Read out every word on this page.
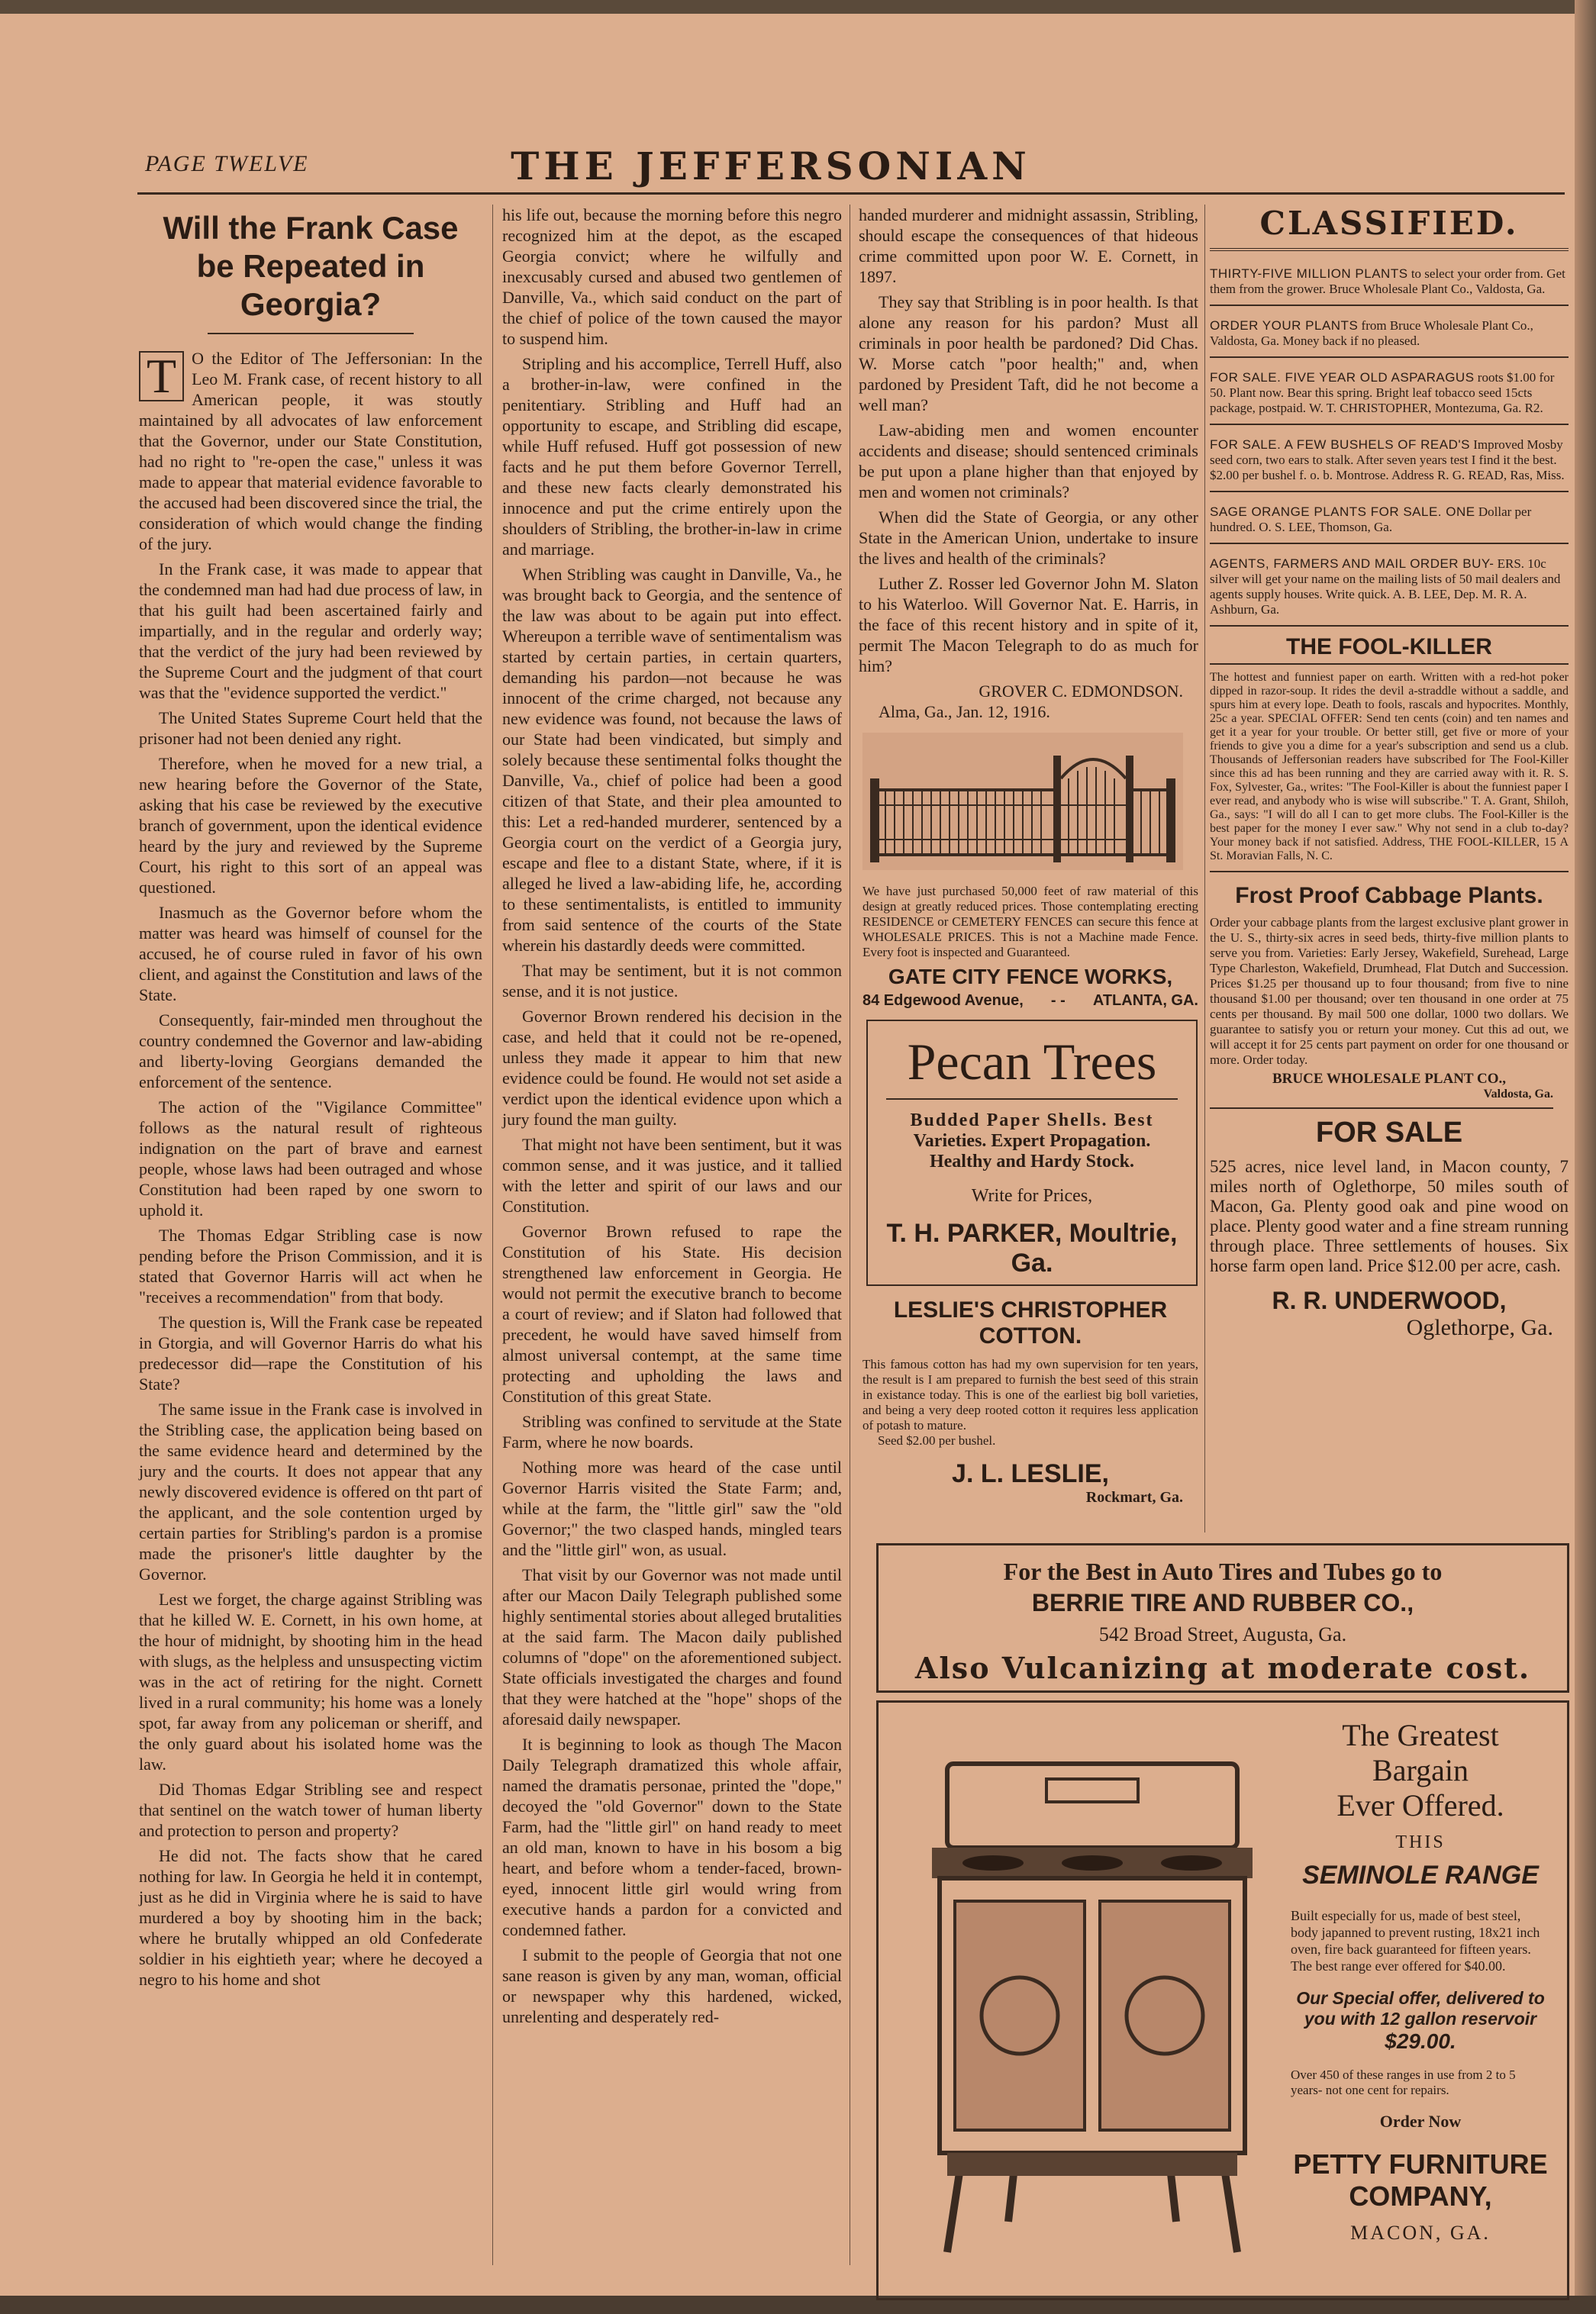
PAGE TWELVE	THE JEFFERSONIAN
Will the Frank Case
be Repeated in
Georgia?

T O the Editor of The Jeffersonian: In the Leo M. Frank case, of recent history to all American people, it was stoutly maintained by all advocates of law enforcement that the Governor, under our State Constitution, had no right to "re-open the case," unless it was made to appear that material evidence favorable to the accused had been discovered since the trial, the consideration of which would change the finding of the jury.

In the Frank case, it was made to appear that the condemned man had had due process of law, in that his guilt had been ascertained fairly and impartially, and in the regular and orderly way; that the verdict of the jury had been reviewed by the Supreme Court and the judgment of that court was that the "evidence supported the verdict."

The United States Supreme Court held that the prisoner had not been denied any right.

Therefore, when he moved for a new trial, a new hearing before the Governor of the State, asking that his case be reviewed by the executive branch of government, upon the identical evidence heard by the jury and reviewed by the Supreme Court, his right to this sort of an appeal was questioned.

Inasmuch as the Governor before whom the matter was heard was himself of counsel for the accused, he of course ruled in favor of his own client, and against the Constitution and laws of the State.

Consequently, fair-minded men throughout the country condemned the Governor and law-abiding and liberty-loving Georgians demanded the enforcement of the sentence.

The action of the "Vigilance Committee" follows as the natural result of righteous indignation on the part of brave and earnest people, whose laws had been outraged and whose Constitution had been raped by one sworn to uphold it.

The Thomas Edgar Stribling case is now pending before the Prison Commission, and it is stated that Governor Harris will act when he "receives a recommendation" from that body.

The question is, Will the Frank case be repeated in Gtorgia, and will Governor Harris do what his predecessor did—rape the Constitution of his State?

The same issue in the Frank case is involved in the Stribling case, the application being based on the same evidence heard and determined by the jury and the courts. It does not appear that any newly discovered evidence is offered on tht part of the applicant, and the sole contention urged by certain parties for Stribling's pardon is a promise made the prisoner's little daughter by the Governor.

Lest we forget, the charge against Stribling was that he killed W. E. Cornett, in his own home, at the hour of midnight, by shooting him in the head with slugs, as the helpless and unsuspecting victim was in the act of retiring for the night. Cornett lived in a rural community; his home was a lonely spot, far away from any policeman or sheriff, and the only guard about his isolated home was the law.

Did Thomas Edgar Stribling see and respect that sentinel on the watch tower of human liberty and protection to person and property?

He did not. The facts show that he cared nothing for law. In Georgia he held it in contempt, just as he did in Virginia where he is said to have murdered a boy by shooting him in the back; where he brutally whipped an old Confederate soldier in his eightieth year; where he decoyed a negro to his home and shot

his life out, because the morning before this negro recognized him at the depot, as the escaped Georgia convict; where he wilfully and inexcusably cursed and abused two gentlemen of Danville, Va., which said conduct on the part of the chief of police of the town caused the mayor to suspend him.

Stripling and his accomplice, Terrell Huff, also a brother-in-law, were confined in the penitentiary. Stribling and Huff had an opportunity to escape, and Stribling did escape, while Huff refused. Huff got possession of new facts and he put them before Governor Terrell, and these new facts clearly demonstrated his innocence and put the crime entirely upon the shoulders of Stribling, the brother-in-law in crime and marriage.

When Stribling was caught in Danville, Va., he was brought back to Georgia, and the sentence of the law was about to be again put into effect. Whereupon a terrible wave of sentimentalism was started by certain parties, in certain quarters, demanding his pardon—not because he was innocent of the crime charged, not because any new evidence was found, not because the laws of our State had been vindicated, but simply and solely because these sentimental folks thought the Danville, Va., chief of police had been a good citizen of that State, and their plea amounted to this: Let a red-handed murderer, sentenced by a Georgia court on the verdict of a Georgia jury, escape and flee to a distant State, where, if it is alleged he lived a law-abiding life, he, according to these sentimentalists, is entitled to immunity from said sentence of the courts of the State wherein his dastardly deeds were committed.

That may be sentiment, but it is not common sense, and it is not justice.

Governor Brown rendered his decision in the case, and held that it could not be re-opened, unless they made it appear to him that new evidence could be found. He would not set aside a verdict upon the identical evidence upon which a jury found the man guilty.

That might not have been sentiment, but it was common sense, and it was justice, and it tallied with the letter and spirit of our laws and our Constitution.

Governor Brown refused to rape the Constitution of his State. His decision strengthened law enforcement in Georgia. He would not permit the executive branch to become a court of review; and if Slaton had followed that precedent, he would have saved himself from almost universal contempt, at the same time protecting and upholding the laws and Constitution of this great State.

Stribling was confined to servitude at the State Farm, where he now boards.

Nothing more was heard of the case until Governor Harris visited the State Farm; and, while at the farm, the "little girl" saw the "old Governor;" the two clasped hands, mingled tears and the "little girl" won, as usual.

That visit by our Governor was not made until after our Macon Daily Telegraph published some highly sentimental stories about alleged brutalities at the said farm. The Macon daily published columns of "dope" on the aforementioned subject. State officials investigated the charges and found that they were hatched at the "hope" shops of the aforesaid daily newspaper.

It is beginning to look as though The Macon Daily Telegraph dramatized this whole affair, named the dramatis personae, printed the "dope," decoyed the "old Governor" down to the State Farm, had the "little girl" on hand ready to meet an old man, known to have in his bosom a big heart, and before whom a tender-faced, brown-eyed, innocent little girl would wring from executive hands a pardon for a convicted and condemned father.

I submit to the people of Georgia that not one sane reason is given by any man, woman, official or newspaper why this hardened, wicked, unrelenting and desperately red-

handed murderer and midnight assassin, Stribling, should escape the consequences of that hideous crime committed upon poor W. E. Cornett, in 1897.

They say that Stribling is in poor health. Is that alone any reason for his pardon? Must all criminals in poor health be pardoned? Did Chas. W. Morse catch "poor health;" and, when pardoned by President Taft, did he not become a well man?

Law-abiding men and women encounter accidents and disease; should sentenced criminals be put upon a plane higher than that enjoyed by men and women not criminals?

When did the State of Georgia, or any other State in the American Union, undertake to insure the lives and health of the criminals?

Luther Z. Rosser led Governor John M. Slaton to his Waterloo. Will Governor Nat. E. Harris, in the face of this recent history and in spite of it, permit The Macon Telegraph to do as much for him?

GROVER C. EDMONDSON.
Alma, Ga., Jan. 12, 1916.
We have just purchased 50,000 feet of raw material of this design at greatly reduced prices. Those contemplating erecting RESIDENCE or CEMETERY FENCES can secure this fence at WHOLESALE PRICES. This is not a Machine made Fence. Every foot is inspected and Guaranteed.
GATE CITY FENCE WORKS,
84 Edgewood Avenue, - - ATLANTA, GA.
Pecan Trees
Budded Paper Shells. Best
Varieties. Expert Propagation.
Healthy and Hardy Stock.
Write for Prices,
T. H. PARKER, Moultrie, Ga.
LESLIE'S CHRISTOPHER COTTON.
This famous cotton has had my own supervision for ten years, the result is I am prepared to furnish the best seed of this strain in existance today. This is one of the earliest big boll varieties, and being a very deep rooted cotton it requires less application of potash to mature.
Seed $2.00 per bushel.
J. L. LESLIE,
Rockmart, Ga.
CLASSIFIED.
THIRTY-FIVE MILLION PLANTS to select your order from. Get them from the grower. Bruce Wholesale Plant Co., Valdosta, Ga.
ORDER YOUR PLANTS from Bruce Wholesale Plant Co., Valdosta, Ga. Money back if no pleased.
FOR SALE. FIVE YEAR OLD ASPARAGUS roots $1.00 for 50. Plant now. Bear this spring. Bright leaf tobacco seed 15cts package, postpaid. W. T. CHRISTOPHER, Montezuma, Ga. R2.
FOR SALE. A FEW BUSHELS OF READ'S Improved Mosby seed corn, two ears to stalk. After seven years test I find it the best. $2.00 per bushel f. o. b. Montrose. Address R. G. READ, Ras, Miss.
SAGE ORANGE PLANTS FOR SALE. ONE Dollar per hundred. O. S. LEE, Thomson, Ga.
AGENTS, FARMERS AND MAIL ORDER BUY- ERS. 10c silver will get your name on the mailing lists of 50 mail dealers and agents supply houses. Write quick. A. B. LEE, Dep. M. R. A. Ashburn, Ga.
THE FOOL-KILLER
The hottest and funniest paper on earth. Written with a red-hot poker dipped in razor-soup. It rides the devil a-straddle without a saddle, and spurs him at every lope. Death to fools, rascals and hypocrites. Monthly, 25c a year. SPECIAL OFFER: Send ten cents (coin) and ten names and get it a year for your trouble. Or better still, get five or more of your friends to give you a dime for a year's subscription and send us a club. Thousands of Jeffersonian readers have subscribed for The Fool-Killer since this ad has been running and they are carried away with it. R. S. Fox, Sylvester, Ga., writes: "The Fool-Killer is about the funniest paper I ever read, and anybody who is wise will subscribe." T. A. Grant, Shiloh, Ga., says: "I will do all I can to get more clubs. The Fool-Killer is the best paper for the money I ever saw." Why not send in a club to-day? Your money back if not satisfied. Address, THE FOOL-KILLER, 15 A St. Moravian Falls, N. C.
Frost Proof Cabbage Plants.
Order your cabbage plants from the largest exclusive plant grower in the U. S., thirty-six acres in seed beds, thirty-five million plants to serve you from. Varieties: Early Jersey, Wakefield, Surehead, Large Type Charleston, Wakefield, Drumhead, Flat Dutch and Succession. Prices $1.25 per thousand up to four thousand; from five to nine thousand $1.00 per thousand; over ten thousand in one order at 75 cents per thousand. By mail 500 one dollar, 1000 two dollars. We guarantee to satisfy you or return your money. Cut this ad out, we will accept it for 25 cents part payment on order for one thousand or more. Order today.
BRUCE WHOLESALE PLANT CO.,
Valdosta, Ga.
FOR SALE
525 acres, nice level land, in Macon county, 7 miles north of Oglethorpe, 50 miles south of Macon, Ga. Plenty good oak and pine wood on place. Plenty good water and a fine stream running through place. Three settlements of houses. Six horse farm open land. Price $12.00 per acre, cash.
R. R. UNDERWOOD,
Oglethorpe, Ga.
For the Best in Auto Tires and Tubes go to
BERRIE TIRE AND RUBBER CO.,
542 Broad Street, Augusta, Ga.
Also Vulcanizing at moderate cost.
The Greatest Bargain
Ever Offered.
THIS
SEMINOLE RANGE
Built especially for us, made of best steel, body japanned to prevent rusting, 18x21 inch oven, fire back guaranteed for fifteen years. The best range ever offered for $40.00.
Our Special offer, delivered to you with 12 gallon reservoir
$29.00.
Over 450 of these ranges in use from 2 to 5 years- not one cent for repairs.
Order Now
PETTY FURNITURE COMPANY,
MACON, GA.
